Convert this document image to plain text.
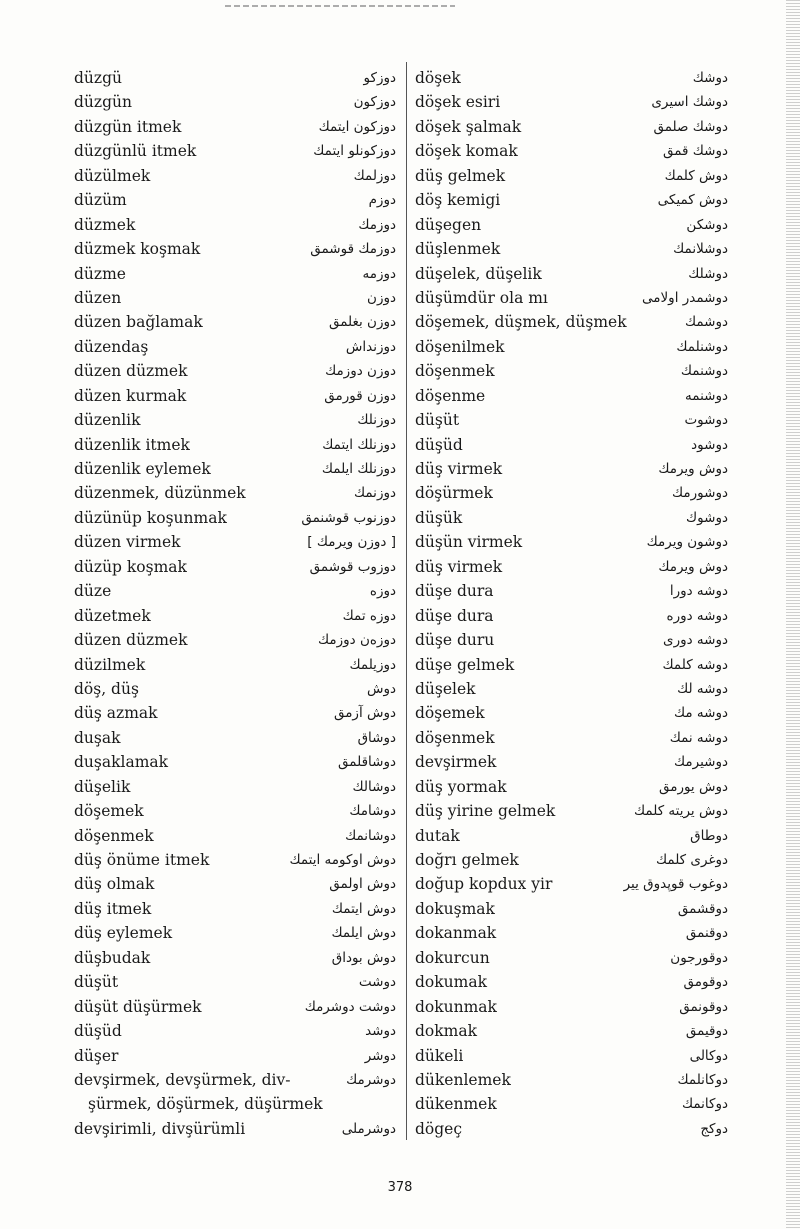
düzgü	دوزكو
düzgün	دوزكون
düzgün itmek	دوزكون ايتمك
düzgünlü itmek	دوزكونلو ايتمك
düzülmek	دوزلمك
düzüm	دوزم
düzmek	دوزمك
düzmek koşmak	دوزمك قوشمق
düzme	دوزمه
düzen	دوزن
düzen bağlamak	دوزن بغلمق
düzendaş	دوزنداش
düzen düzmek	دوزن دوزمك
düzen kurmak	دوزن قورمق
düzenlik	دوزنلك
düzenlik itmek	دوزنلك ايتمك
düzenlik eylemek	دوزنلك ايلمك
düzenmek, düzünmek	دوزنمك
düzünüp koşunmak	دوزنوب قوشنمق
düzen virmek	[ دوزن ويرمك ]
düzüp koşmak	دوزوب قوشمق
düze	دوزه
düzetmek	دوزه تمك
düzen düzmek	دوزەن دوزمك
düzilmek	دوزيلمك
döş, düş	دوش
düş azmak	دوش آزمق
duşak	دوشاق
duşaklamak	دوشاقلمق
düşelik	دوشالك
döşemek	دوشامك
döşenmek	دوشانمك
düş önüme itmek	دوش اوكومه ايتمك
düş olmak	دوش اولمق
düş itmek	دوش ايتمك
düş eylemek	دوش ايلمك
düşbudak	دوش بوداق
düşüt	دوشت
düşüt düşürmek	دوشت دوشرمك
düşüd	دوشد
düşer	دوشر
devşirmek, devşürmek, div-	دوشرمك
şürmek, döşürmek, düşürmek
devşirimli, divşürümli	دوشرملى
döşek	دوشك
döşek esiri	دوشك اسيرى
döşek şalmak	دوشك صلمق
döşek komak	دوشك قمق
düş gelmek	دوش كلمك
döş kemigi	دوش كميكى
düşegen	دوشكن
düşlenmek	دوشلانمك
düşelek, düşelik	دوشلك
düşümdür ola mı	دوشمدر اولامى
döşemek, düşmek, düşmek	دوشمك
döşenilmek	دوشنلمك
döşenmek	دوشنمك
döşenme	دوشنمه
düşüt	دوشوت
düşüd	دوشود
düş virmek	دوش ويرمك
döşürmek	دوشورمك
düşük	دوشوك
düşün virmek	دوشون ويرمك
düş virmek	دوش ويرمك
düşe dura	دوشه دورا
düşe dura	دوشه دوره
düşe duru	دوشه دورى
düşe gelmek	دوشه كلمك
düşelek	دوشه لك
döşemek	دوشه مك
döşenmek	دوشه نمك
devşirmek	دوشيرمك
düş yormak	دوش يورمق
düş yirine gelmek	دوش يريته كلمك
dutak	دوطاق
doğrı gelmek	دوغرى كلمك
doğup kopdux yir	دوغوب قوپدوق يير
dokuşmak	دوقشمق
dokanmak	دوقنمق
dokurcun	دوقورجون
dokumak	دوقومق
dokunmak	دوقونمق
dokmak	دوقيمق
dükeli	دوكالى
dükenlemek	دوكانلمك
dükenmek	دوكانمك
dögeç	دوكج
378
